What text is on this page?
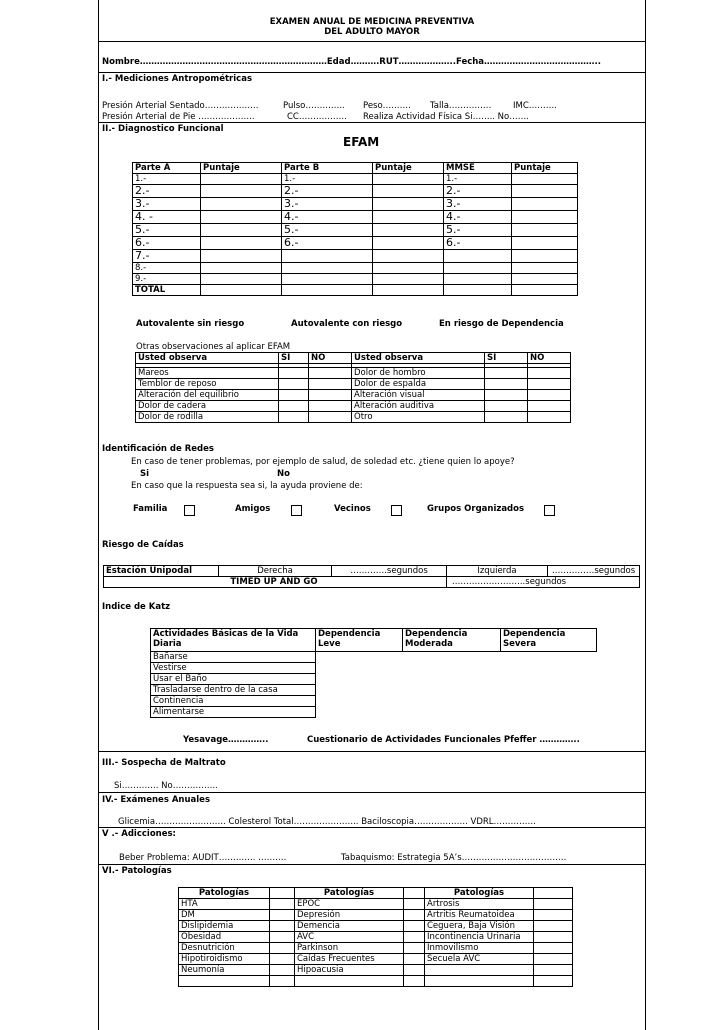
EXAMEN ANUAL DE MEDICINA PREVENTIVA
DEL ADULTO MAYOR
Nombre…………………………………………………………Edad……….RUT………………..Fecha…………………………………..
I.- Mediciones Antropométricas
Presión Arterial Sentado……………….	Pulso………….. Peso………. Talla……………	IMC……….
Presión Arterial de Pie ………………..	CC…………….. Realiza Actividad Física Si…….. No…….
II.- Diagnostico Funcional
EFAM
Parte A	Puntaje	Parte B	Puntaje	MMSE	Puntaje
1.-		1.-		1.-	
2.-		2.-		2.-	
3.-		3.-		3.-	
4. -		4.-		4.-	
5.-		5.-		5.-	
6.-		6.-		6.-	
7.-					
8.-					
9.-					
TOTAL					
Autovalente sin riesgo	Autovalente con riesgo	En riesgo de Dependencia
Otras observaciones al aplicar EFAM
Usted observa	SI	NO	Usted observa	SI	NO

Mareos			Dolor de hombro		
Temblor de reposo			Dolor de espalda		
Alteración del equilibrio			Alteración visual		
Dolor de cadera			Alteración auditiva		
Dolor de rodilla			Otro		
Identificación de Redes
En caso de tener problemas, por ejemplo de salud, de soledad etc. ¿tiene quien lo apoye?
Si	No
En caso que la respuesta sea si, la ayuda proviene de:
Familia	Amigos	Vecinos	Grupos Organizados
Riesgo de Caídas
Estación Unipodal	Derecha	………….segundos	Izquierda	……………segundos
TIMED UP AND GO			……………………..segundos	
Indice de Katz
Actividades Básicas de la Vida Diaria	Dependencia Leve	Dependencia Moderada	Dependencia Severa
Bañarse			
Vestirse			
Usar el Baño			
Trasladarse dentro de la casa			
Continencia			
Alimentarse			
Yesavage…………..	Cuestionario de Actividades Funcionales Pfeffer …………..
III.- Sospecha de Maltrato
Si…………. No…………….
IV.- Exámenes Anuales
Glicemia……………………. Colesterol Total………………….. Baciloscopia………………. VDRL……………
V .- Adicciones:
Beber Problema: AUDIT…………. ……….	Tabaquismo: Estrategia 5A’s……………………………….
VI.- Patologías
Patologías		Patologías		Patologías	
HTA		EPOC		Artrosis	
DM		Depresión		Artritis Reumatoidea	
Dislipidemia		Demencia		Ceguera, Baja Visión	
Obesidad		AVC		Incontinencia Urinaria	
Desnutrición		Parkinson		Inmovilismo	
Hipotiroidismo		Caídas Frecuentes		Secuela AVC	
Neumonía		Hipoacusia			
